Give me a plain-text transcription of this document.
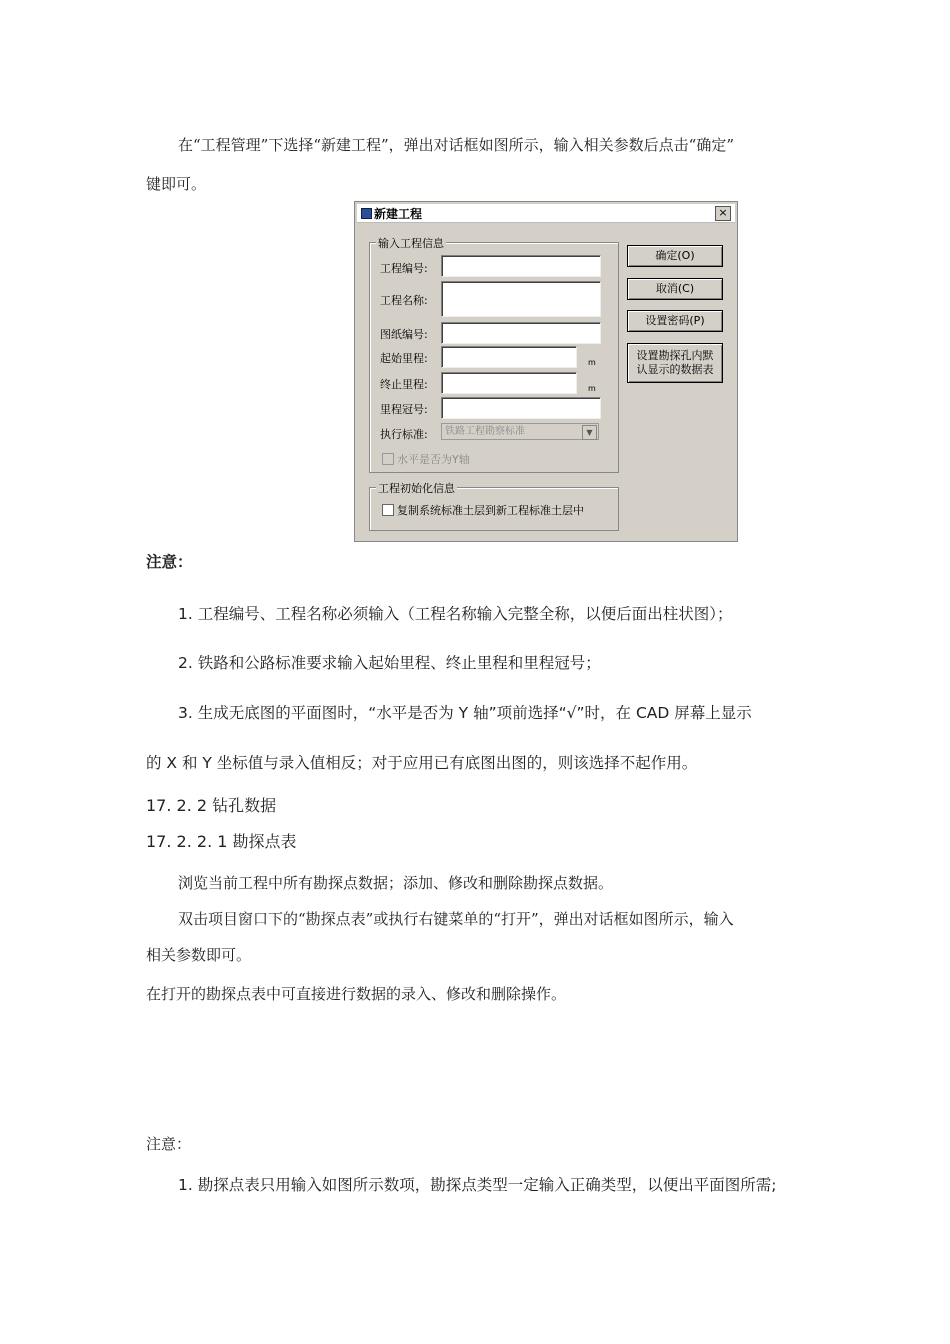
在“工程管理”下选择“新建工程”，弹出对话框如图所示，输入相关参数后点击“确定”
键即可。
新建工程	×
输入工程信息
工程编号:
工程名称:
图纸编号:
起始里程:	m
终止里程:	m
里程冠号:
执行标准:	铁路工程勘察标准	▼
水平是否为Y轴
工程初始化信息
复制系统标准土层到新工程标准土层中
确定(O)
取消(C)
设置密码(P)
设置勘探孔内默
认显示的数据表
注意：
1. 工程编号、工程名称必须输入（工程名称输入完整全称，以便后面出柱状图）；
2. 铁路和公路标准要求输入起始里程、终止里程和里程冠号；
3. 生成无底图的平面图时，“水平是否为 Y 轴”项前选择“√”时，在 CAD 屏幕上显示
的 X 和 Y 坐标值与录入值相反；对于应用已有底图出图的，则该选择不起作用。
17. 2. 2 钻孔数据
17. 2. 2. 1 勘探点表
浏览当前工程中所有勘探点数据；添加、修改和删除勘探点数据。
双击项目窗口下的“勘探点表”或执行右键菜单的“打开”，弹出对话框如图所示，输入
相关参数即可。
在打开的勘探点表中可直接进行数据的录入、修改和删除操作。
注意：
1. 勘探点表只用输入如图所示数项，勘探点类型一定输入正确类型，以便出平面图所需;
